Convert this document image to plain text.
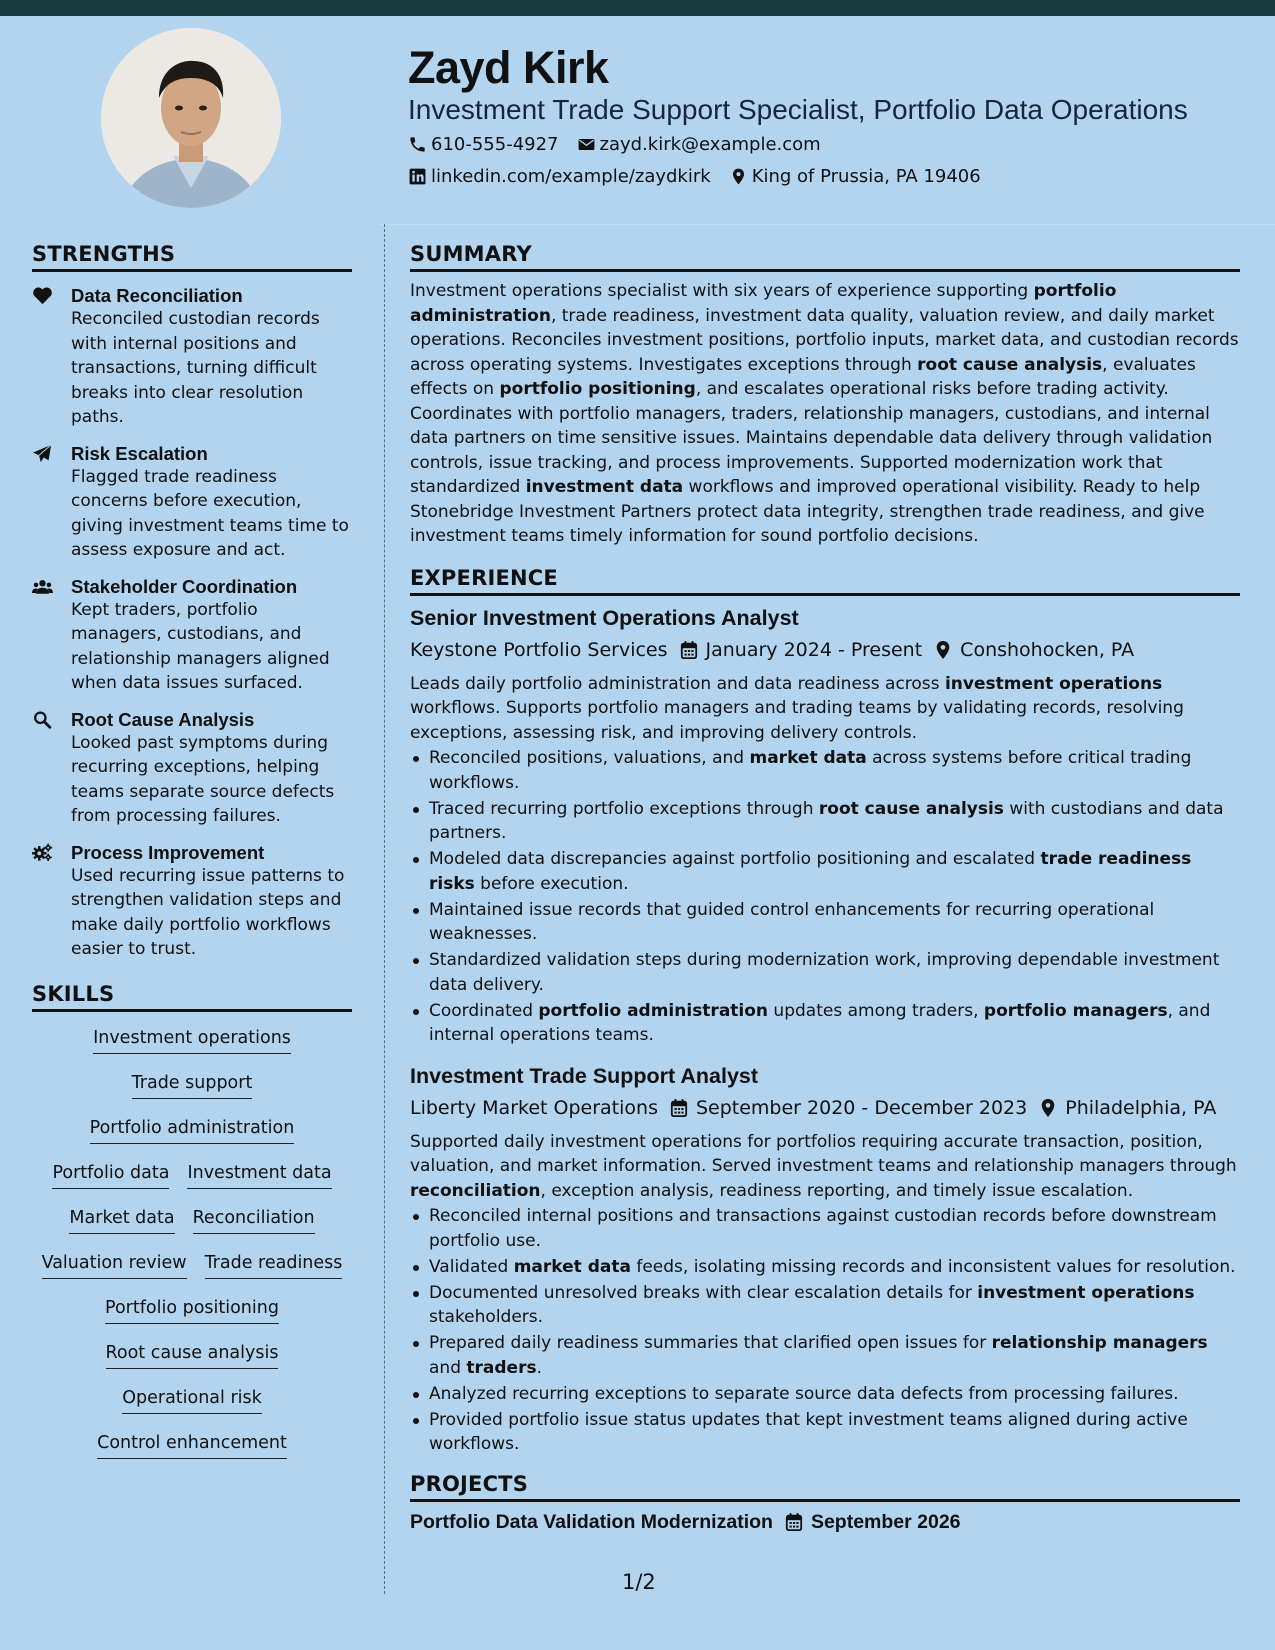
Zayd Kirk
Investment Trade Support Specialist, Portfolio Data Operations
610-555-4927 zayd.kirk@example.com
linkedin.com/example/zaydkirk King of Prussia, PA 19406
STRENGTHS
Data Reconciliation
Reconciled custodian records with internal positions and transactions, turning difficult breaks into clear resolution paths.
Risk Escalation
Flagged trade readiness concerns before execution, giving investment teams time to assess exposure and act.
Stakeholder Coordination
Kept traders, portfolio managers, custodians, and relationship managers aligned when data issues surfaced.
Root Cause Analysis
Looked past symptoms during recurring exceptions, helping teams separate source defects from processing failures.
Process Improvement
Used recurring issue patterns to strengthen validation steps and make daily portfolio workflows easier to trust.
SKILLS
Investment operations
Trade support
Portfolio administration
Portfolio data Investment data
Market data Reconciliation
Valuation review Trade readiness
Portfolio positioning
Root cause analysis
Operational risk
Control enhancement
SUMMARY
Investment operations specialist with six years of experience supporting portfolio administration, trade readiness, investment data quality, valuation review, and daily market operations. Reconciles investment positions, portfolio inputs, market data, and custodian records across operating systems. Investigates exceptions through root cause analysis, evaluates effects on portfolio positioning, and escalates operational risks before trading activity. Coordinates with portfolio managers, traders, relationship managers, custodians, and internal data partners on time sensitive issues. Maintains dependable data delivery through validation controls, issue tracking, and process improvements. Supported modernization work that standardized investment data workflows and improved operational visibility. Ready to help Stonebridge Investment Partners protect data integrity, strengthen trade readiness, and give investment teams timely information for sound portfolio decisions.
EXPERIENCE
Senior Investment Operations Analyst
Keystone Portfolio Services January 2024 - Present Conshohocken, PA
Leads daily portfolio administration and data readiness across investment operations workflows. Supports portfolio managers and trading teams by validating records, resolving exceptions, assessing risk, and improving delivery controls.
Reconciled positions, valuations, and market data across systems before critical trading workflows.
Traced recurring portfolio exceptions through root cause analysis with custodians and data partners.
Modeled data discrepancies against portfolio positioning and escalated trade readiness risks before execution.
Maintained issue records that guided control enhancements for recurring operational weaknesses.
Standardized validation steps during modernization work, improving dependable investment data delivery.
Coordinated portfolio administration updates among traders, portfolio managers, and internal operations teams.
Investment Trade Support Analyst
Liberty Market Operations September 2020 - December 2023 Philadelphia, PA
Supported daily investment operations for portfolios requiring accurate transaction, position, valuation, and market information. Served investment teams and relationship managers through reconciliation, exception analysis, readiness reporting, and timely issue escalation.
Reconciled internal positions and transactions against custodian records before downstream portfolio use.
Validated market data feeds, isolating missing records and inconsistent values for resolution.
Documented unresolved breaks with clear escalation details for investment operations stakeholders.
Prepared daily readiness summaries that clarified open issues for relationship managers and traders.
Analyzed recurring exceptions to separate source data defects from processing failures.
Provided portfolio issue status updates that kept investment teams aligned during active workflows.
PROJECTS
Portfolio Data Validation Modernization September 2026
1/2
